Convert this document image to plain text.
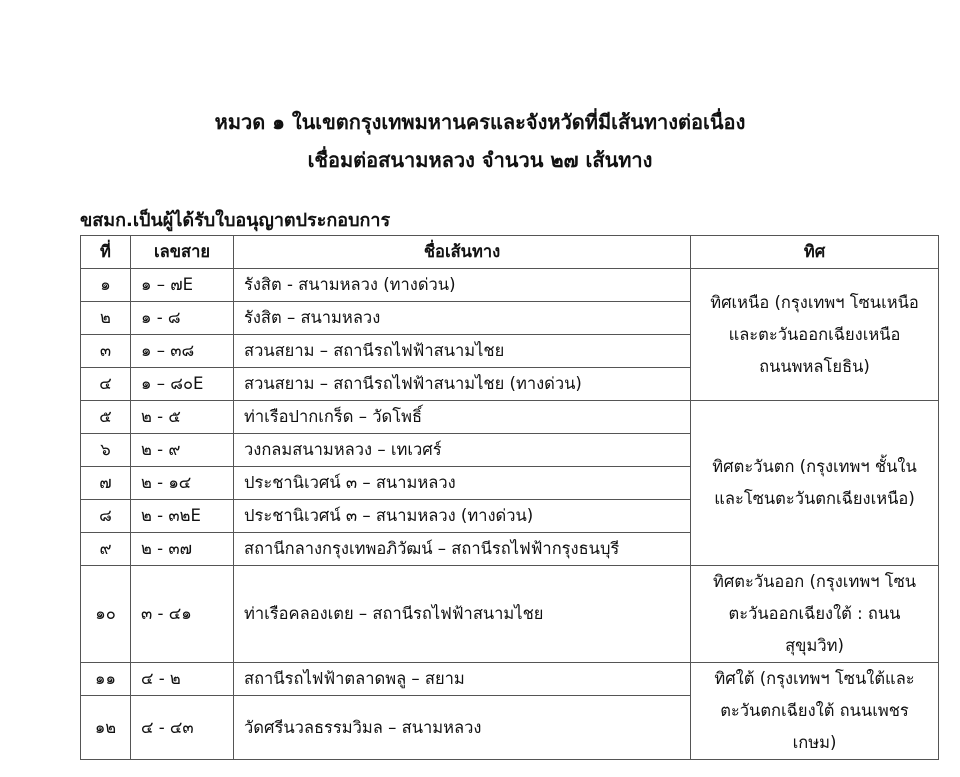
หมวด ๑ ในเขตกรุงเทพมหานครและจังหวัดที่มีเส้นทางต่อเนื่อง
เชื่อมต่อสนามหลวง จำนวน ๒๗ เส้นทาง
ขสมก.เป็นผู้ได้รับใบอนุญาตประกอบการ
ที่	เลขสาย	ชื่อเส้นทาง	ทิศ
๑	๑ – ๗E	รังสิต - สนามหลวง (ทางด่วน)	ทิศเหนือ (กรุงเทพฯ โซนเหนือ
และตะวันออกเฉียงเหนือ
ถนนพหลโยธิน)

๒	๑ - ๘	รังสิต – สนามหลวง	
๓	๑ – ๓๘	สวนสยาม – สถานีรถไฟฟ้าสนามไชย	
๔	๑ – ๘๐E	สวนสยาม – สถานีรถไฟฟ้าสนามไชย (ทางด่วน)	
๕	๒ - ๕	ท่าเรือปากเกร็ด – วัดโพธิ์	ทิศตะวันตก (กรุงเทพฯ ชั้นใน
และโซนตะวันตกเฉียงเหนือ)

๖	๒ - ๙	วงกลมสนามหลวง – เทเวศร์	
๗	๒ - ๑๔	ประชานิเวศน์ ๓ – สนามหลวง	
๘	๒ - ๓๒E	ประชานิเวศน์ ๓ – สนามหลวง (ทางด่วน)	
๙	๒ - ๓๗	สถานีกลางกรุงเทพอภิวัฒน์ – สถานีรถไฟฟ้ากรุงธนบุรี	
๑๐	๓ - ๔๑	ท่าเรือคลองเตย – สถานีรถไฟฟ้าสนามไชย	ทิศตะวันออก (กรุงเทพฯ โซน
ตะวันออกเฉียงใต้ : ถนน
สุขุมวิท)

๑๑	๔ - ๒	สถานีรถไฟฟ้าตลาดพลู – สยาม	ทิศใต้ (กรุงเทพฯ โซนใต้และ
ตะวันตกเฉียงใต้ ถนนเพชร
เกษม)

๑๒	๔ - ๔๓	วัดศรีนวลธรรมวิมล – สนามหลวง	
